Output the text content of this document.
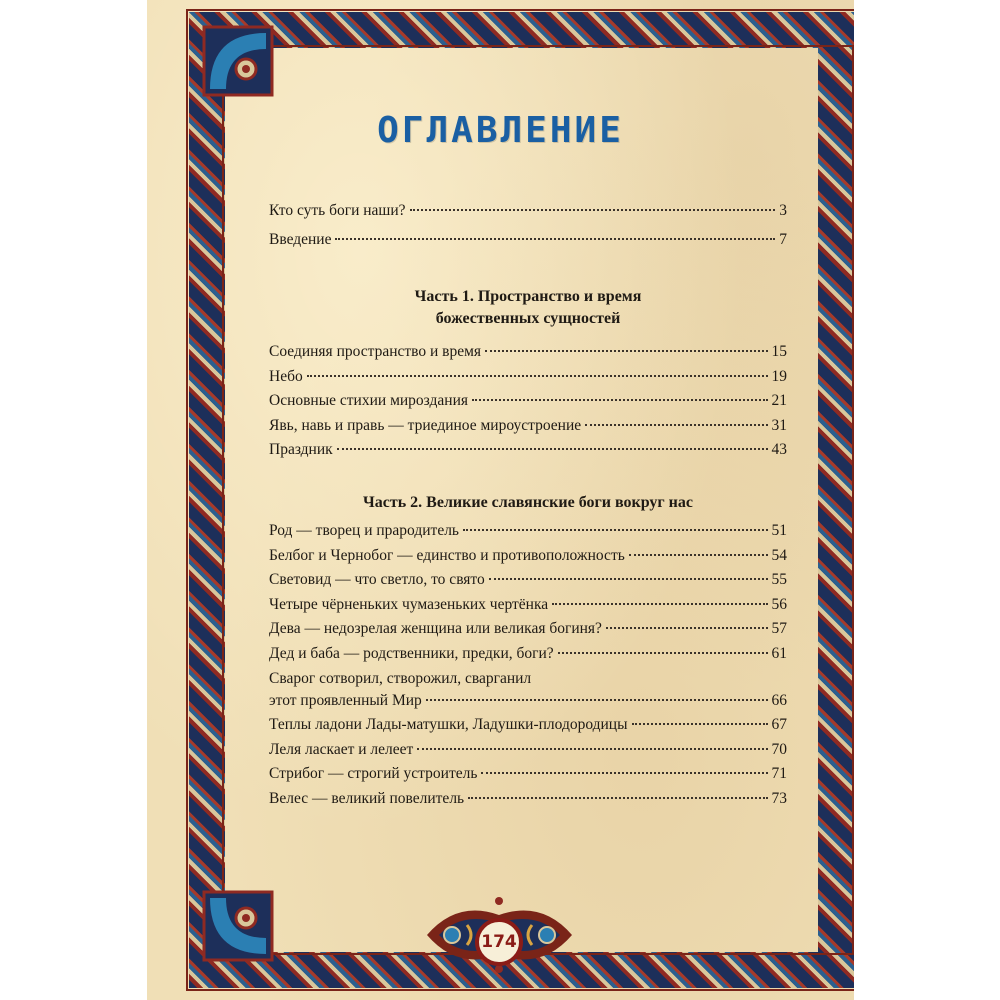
ОГЛАВЛЕНИЕ
Кто суть боги наши?	3
Введение	7
Часть 1. Пространство и время
божественных сущностей
Соединяя пространство и время	15
Небо	19
Основные стихии мироздания	21
Явь, навь и правь — триединое мироустроение	31
Праздник	43
Часть 2. Великие славянские боги вокруг нас
Род — творец и прародитель	51
Белбог и Чернобог — единство и противоположность	54
Световид — что светло, то свято	55
Четыре чёрненьких чумазеньких чертёнка	56
Дева — недозрелая женщина или великая богиня?	57
Дед и баба — родственники, предки, боги?	61
Сварог сотворил, створожил, сварганил
этот проявленный Мир	66
Теплы ладони Лады-матушки, Ладушки-плодородицы	67
Леля ласкает и лелеет	70
Стрибог — строгий устроитель	71
Велес — великий повелитель	73
174
